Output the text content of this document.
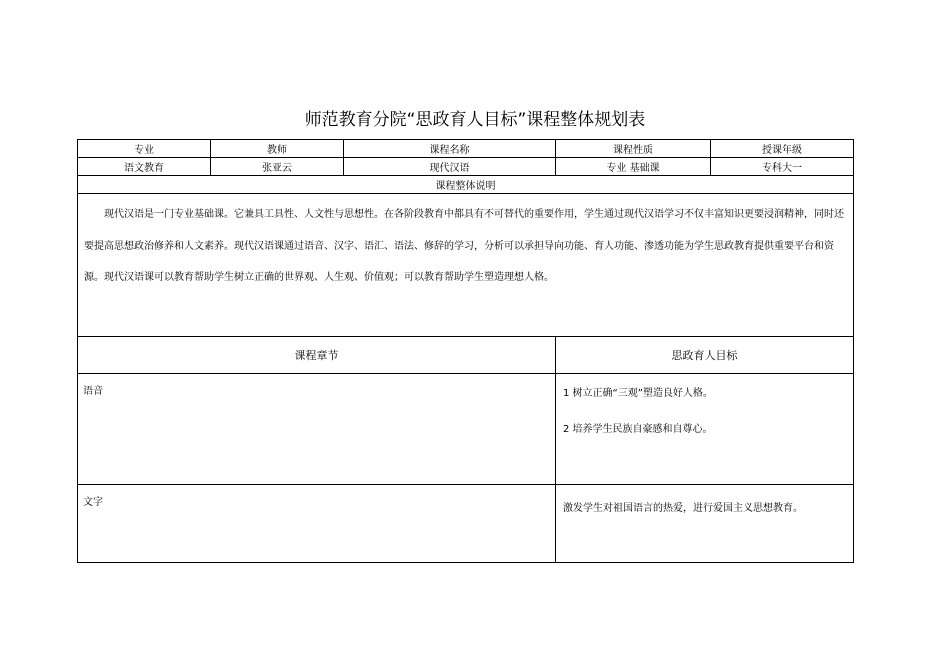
师范教育分院“思政育人目标”课程整体规划表
专业	教师	课程名称	课程性质	授课年级
语文教育	张亚云	现代汉语	专业 基础课	专科大一
课程整体说明				

现代汉语是一门专业基础课。它兼具工具性、人文性与思想性。在各阶段教育中都具有不可替代的重要作用，学生通过现代汉语学习不仅丰富知识更要浸润精神，同时还要提高思想政治修养和人文素养。现代汉语课通过语音、汉字、语汇、语法、修辞的学习，分析可以承担导向功能、育人功能、渗透功能为学生思政教育提供重要平台和资源。现代汉语课可以教育帮助学生树立正确的世界观、人生观、价值观；可以教育帮助学生塑造理想人格。				

课程章节			思政育人目标	
语音			1 树立正确“三观”塑造良好人格。
2 培养学生民族自豪感和自尊心。	

文字			激发学生对祖国语言的热爱，进行爱国主义思想教育。	
